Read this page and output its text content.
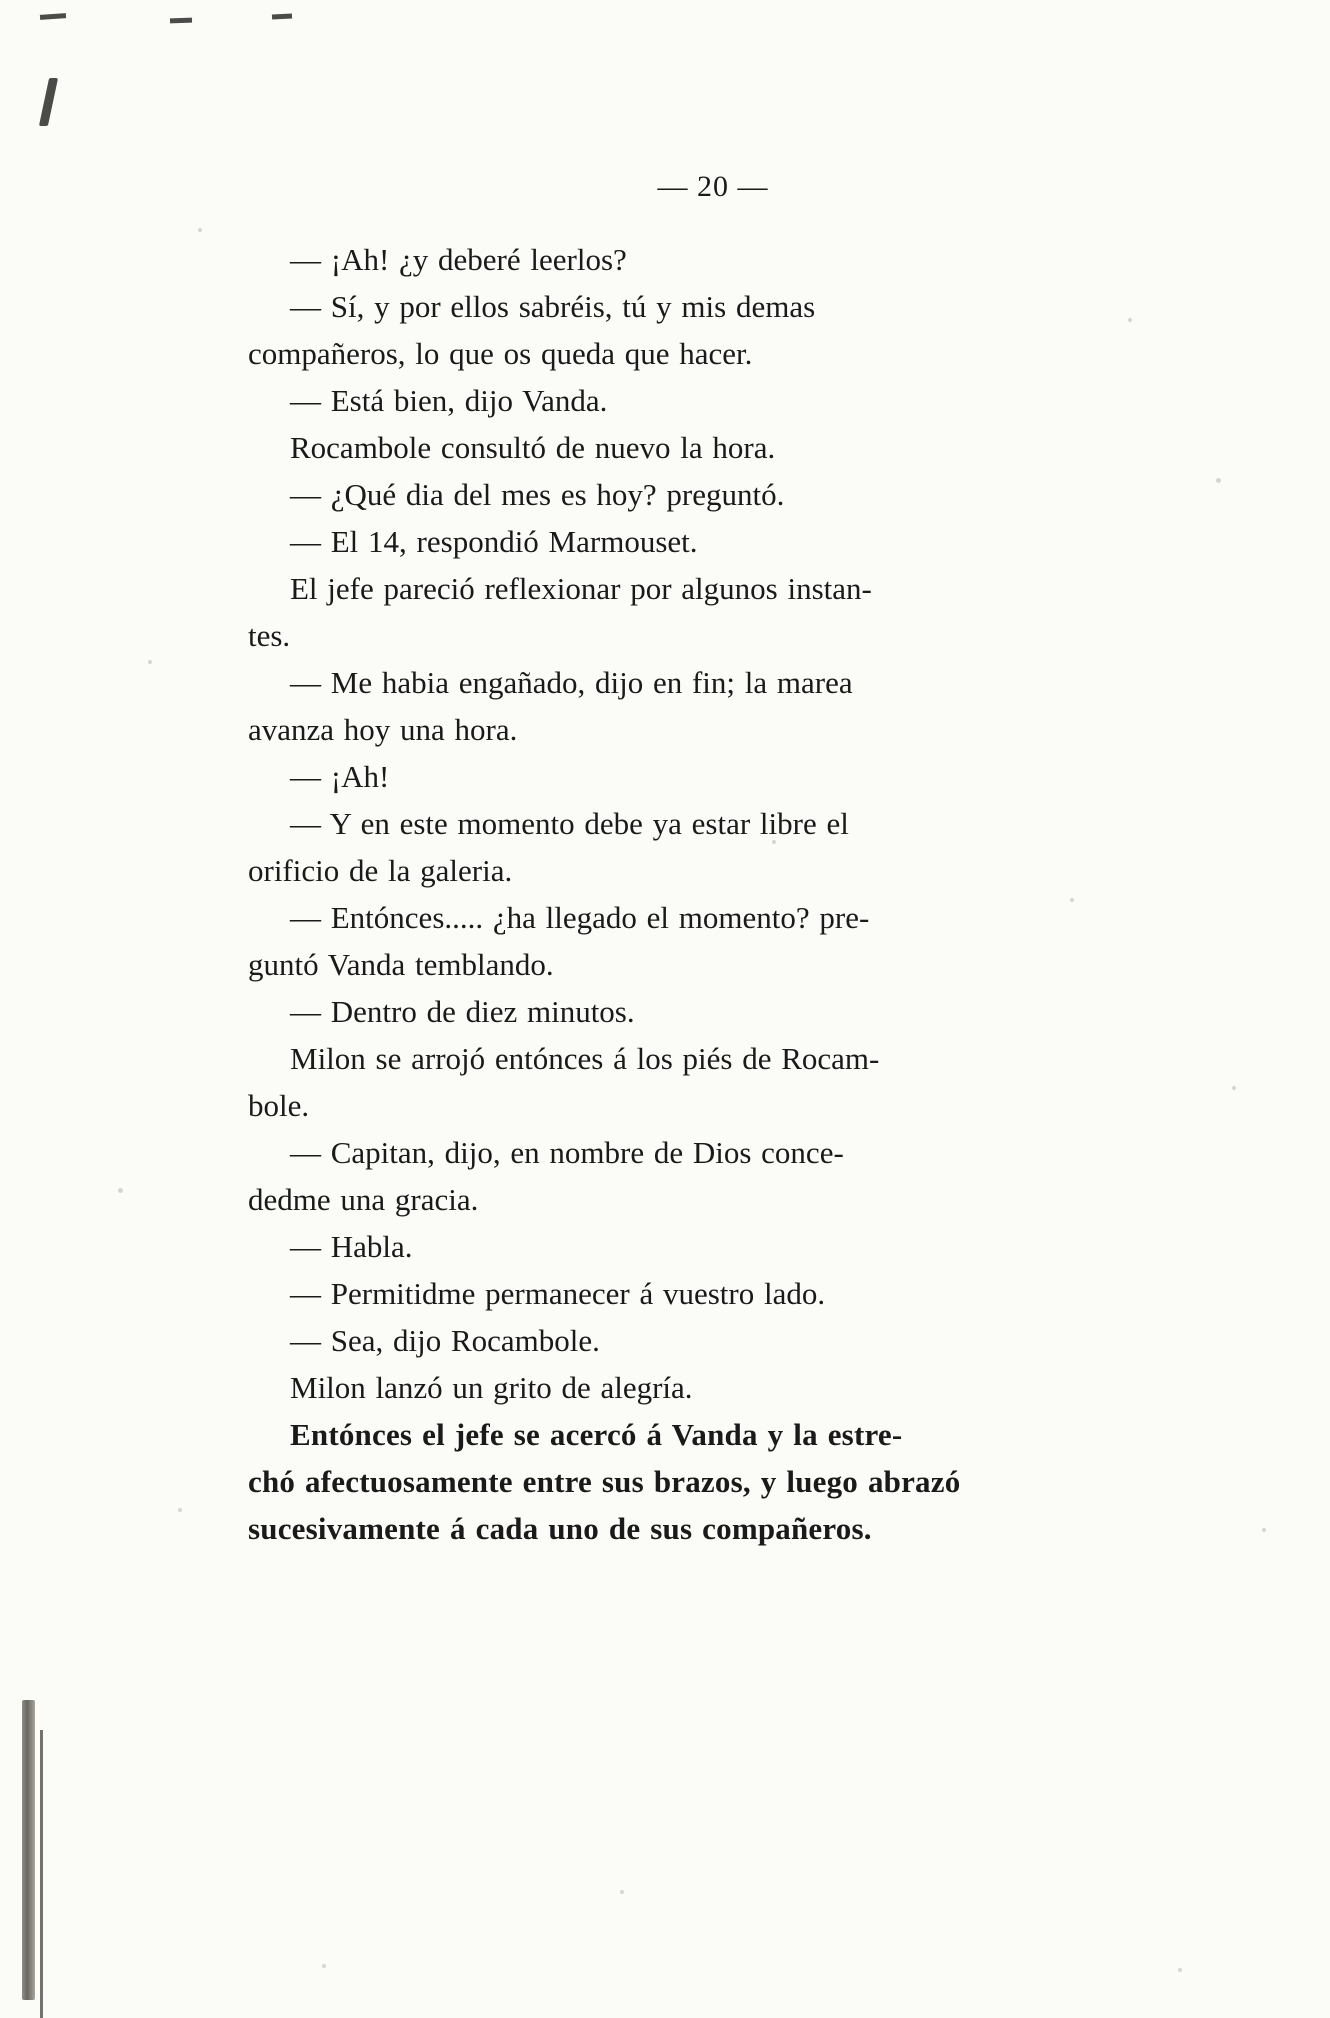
— 20 —

— ¡Ah! ¿y deberé leerlos?

— Sí, y por ellos sabréis, tú y mis demas

compañeros, lo que os queda que hacer.

— Está bien, dijo Vanda.

Rocambole consultó de nuevo la hora.

— ¿Qué dia del mes es hoy? preguntó.

— El 14, respondió Marmouset.

El jefe pareció reflexionar por algunos instan-

tes.

— Me habia engañado, dijo en fin; la marea

avanza hoy una hora.

— ¡Ah!

— Y en este momento debe ya estar libre el

orificio de la galeria.

— Entónces..... ¿ha llegado el momento? pre-

guntó Vanda temblando.

— Dentro de diez minutos.

Milon se arrojó entónces á los piés de Rocam-

bole.

— Capitan, dijo, en nombre de Dios conce-

dedme una gracia.

— Habla.

— Permitidme permanecer á vuestro lado.

— Sea, dijo Rocambole.

Milon lanzó un grito de alegría.

Entónces el jefe se acercó á Vanda y la estre-

chó afectuosamente entre sus brazos, y luego abrazó

sucesivamente á cada uno de sus compañeros.
